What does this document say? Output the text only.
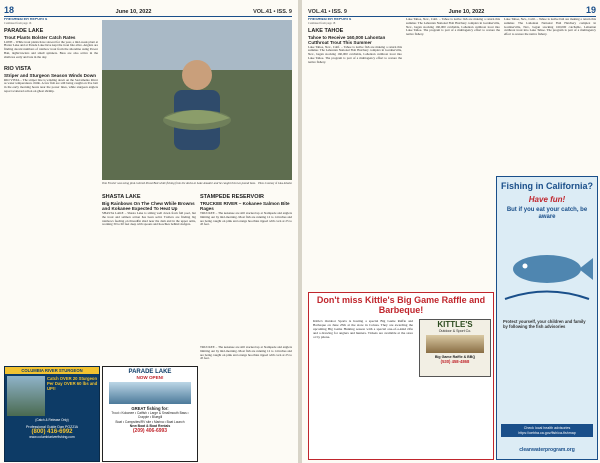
18	June 10, 2022	VOL.41 • ISS. 9
FRESHWATER REPORTS
Continued from page 16
PARADE LAKE
Trout Plants Bolster Catch Rates
LONE – While trout plants have slowed for the year, a mid-week plant at Harter Lake and at Parade Lake have kept the trout bite alive. Anglers are finding decent numbers of rainbow trout from the shoreline using Power Bait, nightcrawlers and small spinners. Bass are also active in the shallows early and late in the day.
RIO VISTA
Striper and Sturgeon Season Winds Down
RIO VISTA – The striper bite is winding down on the Sacramento River as water temperatures climb. A few fish are still being caught on live bait in the early morning hours near the power lines, while sturgeon anglers report scattered action on ghost shrimp.
Tom Fowler was using pink colored PowerBait while fishing from the docks at Lake Amador and he caught this two pound bass. Photo Courtesy of Lake Amador
SHASTA LAKE
Big Rainbows On The Chew While Browns and Kokanee Expected To Heat Up
SHASTA LAKE – Shasta Lake is sitting well down from full pool, but the trout and salmon action has been solid. Trollers are finding big rainbows feeding on threadfin shad near the dam and in the upper arms, working 30 to 60 feet deep with spoons and hoochies behind dodgers.
STAMPEDE RESERVOIR
TRUCKEE RIVER – Kokanee Salmon Bite Rages
TRUCKEE – The kokanee are still stacked up at Stampede and anglers limiting out by mid-morning. Most fish are running 12 to 14 inches and are being caught on pink and orange hoochies tipped with corn at 25 to 45 feet.
COLUMBIA RIVER STURGEON
Catch OVER 20 Sturgeon Per Day OVER 60 lbs and UP!!
(Catch & Release Only)
Professional Guide Dan POZZIA
(800) 416-6992
www.columbiariverfishing.com
PARADE LAKE
NOW OPEN!
GREAT fishing for:
Trout • Kokanee • Catfish • Large & Smallmouth Bass • Crappie • Bluegill
Boat • Campsites/RV site • Marina • Boat Launch
New Boat & Boat Rentals
(209) 406-6993
TRUCKEE – The kokanee are still stacked up at Stampede and anglers limiting out by mid-morning. Most fish are running 12 to 14 inches and are being caught on pink and orange hoochies tipped with corn at 25 to 45 feet.
VOL.41 • ISS. 9	June 10, 2022	19
FRESHWATER REPORTS
Continued from page 18
LAKE TAHOE
Tahoe to Receive 160,000 Lahontan Cutthroat Trout This Summer
Lake Tahoe, Nev., Calif. – Tahoe is native fish are making a return this summer. The Lahontan National Fish Hatchery complex in Gardnerville, Nev., began stocking 160,000 catchable, Lahontan cutthroat trout into Lake Tahoe. The program is part of a multiagency effort to restore the native fishery.
Lake Tahoe, Nev., Calif. – Tahoe is native fish are making a return this summer. The Lahontan National Fish Hatchery complex in Gardnerville, Nev., began stocking 160,000 catchable, Lahontan cutthroat trout into Lake Tahoe. The program is part of a multiagency effort to restore the native fishery.
Lake Tahoe, Nev., Calif. – Tahoe is native fish are making a return this summer. The Lahontan National Fish Hatchery complex in Gardnerville, Nev., began stocking 160,000 catchable, Lahontan cutthroat trout into Lake Tahoe. The program is part of a multiagency effort to restore the native fishery.
Don't miss Kittle's Big Game Raffle and Barbeque!
Kittle's Outdoor Sports is hosting a special Big Game Raffle and Barbeque on June 25th at the store in Colusa. They are awarding the upcoming Big Game Hunting season with a special one-of-a-kind rifle and a drawing for anglers and hunters. Tickets are available at the store or by phone.
KITTLE'S
Outdoor & Sport Co.
Big Game Raffle & BBQ
(530) 458-4868
Fishing in California?
Have fun!
But if you eat your catch, be aware
Protect yourself, your children and family by following the fish advisories
Check local health advisories https://oehha.ca.gov/fish/ca-fishmap
cleanwaterprogram.org
